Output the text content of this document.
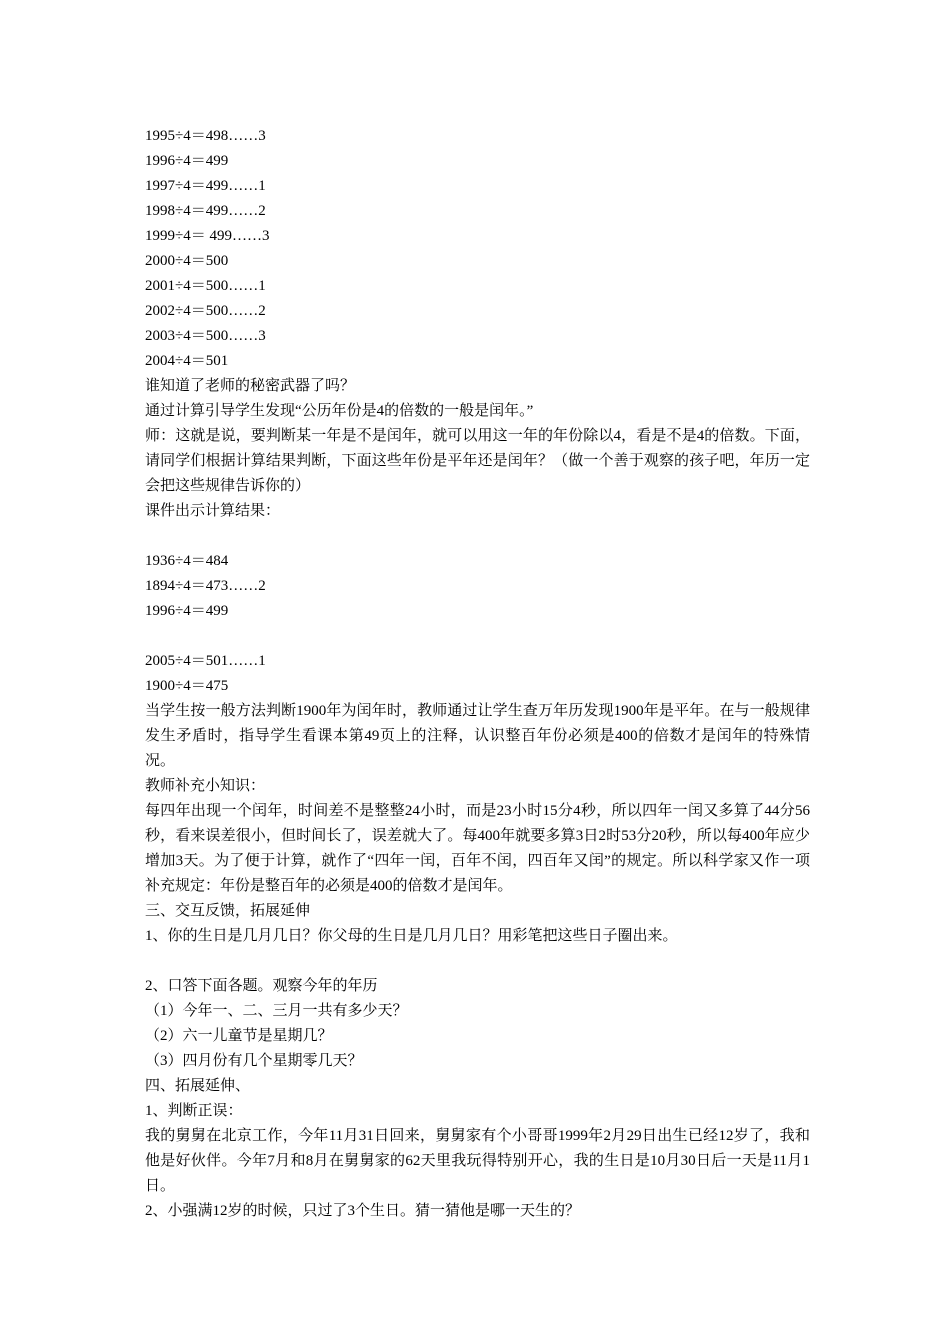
1995÷4＝498……3
1996÷4＝499
1997÷4＝499……1
1998÷4＝499……2
1999÷4＝ 499……3
2000÷4＝500
2001÷4＝500……1
2002÷4＝500……2
2003÷4＝500……3
2004÷4＝501
谁知道了老师的秘密武器了吗？
通过计算引导学生发现“公历年份是4的倍数的一般是闰年。”
师：这就是说，要判断某一年是不是闰年，就可以用这一年的年份除以4，看是不是4的倍数。下面，请同学们根据计算结果判断，下面这些年份是平年还是闰年？（做一个善于观察的孩子吧，年历一定会把这些规律告诉你的）
课件出示计算结果：
1936÷4＝484
1894÷4＝473……2
1996÷4＝499
2005÷4＝501……1
1900÷4＝475
当学生按一般方法判断1900年为闰年时，教师通过让学生查万年历发现1900年是平年。在与一般规律发生矛盾时，指导学生看课本第49页上的注释，认识整百年份必须是400的倍数才是闰年的特殊情况。
教师补充小知识：
每四年出现一个闰年，时间差不是整整24小时，而是23小时15分4秒，所以四年一闰又多算了44分56秒，看来误差很小，但时间长了，误差就大了。每400年就要多算3日2时53分20秒，所以每400年应少增加3天。为了便于计算，就作了“四年一闰，百年不闰，四百年又闰”的规定。所以科学家又作一项补充规定：年份是整百年的必须是400的倍数才是闰年。
三、交互反馈，拓展延伸
1、你的生日是几月几日？你父母的生日是几月几日？用彩笔把这些日子圈出来。
2、口答下面各题。观察今年的年历
（1）今年一、二、三月一共有多少天？
（2）六一儿童节是星期几？
（3）四月份有几个星期零几天？
四、拓展延伸、
1、判断正误：
我的舅舅在北京工作，今年11月31日回来，舅舅家有个小哥哥1999年2月29日出生已经12岁了，我和他是好伙伴。今年7月和8月在舅舅家的62天里我玩得特别开心，我的生日是10月30日后一天是11月1日。
2、小强满12岁的时候，只过了3个生日。猜一猜他是哪一天生的？
